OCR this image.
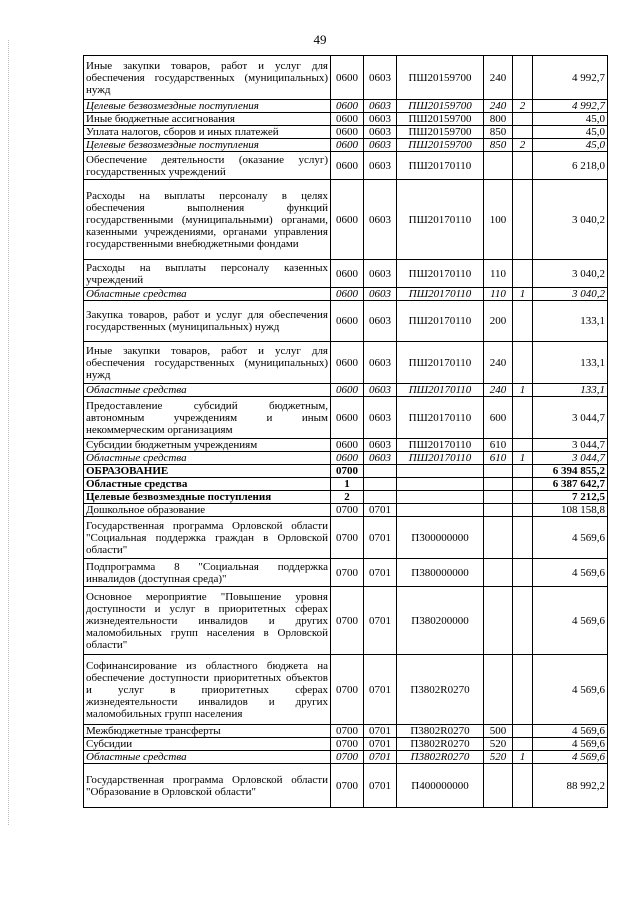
49
Иные закупки товаров, работ и услуг для обеспечения государственных (муниципальных) нужд	0600	0603	ПШ20159700	240		4 992,7
Целевые безвозмездные поступления	0600	0603	ПШ20159700	240	2	4 992,7
Иные бюджетные ассигнования	0600	0603	ПШ20159700	800		45,0
Уплата налогов, сборов и иных платежей	0600	0603	ПШ20159700	850		45,0
Целевые безвозмездные поступления	0600	0603	ПШ20159700	850	2	45,0
Обеспечение деятельности (оказание услуг) государственных учреждений	0600	0603	ПШ20170110			6 218,0
Расходы на выплаты персоналу в целях обеспечения выполнения функций государственными (муниципальными) органами, казенными учреждениями, органами управления государственными внебюджетными фондами	0600	0603	ПШ20170110	100		3 040,2
Расходы на выплаты персоналу казенных учреждений	0600	0603	ПШ20170110	110		3 040,2
Областные средства	0600	0603	ПШ20170110	110	1	3 040,2
Закупка товаров, работ и услуг для обеспечения государственных (муниципальных) нужд	0600	0603	ПШ20170110	200		133,1
Иные закупки товаров, работ и услуг для обеспечения государственных (муниципальных) нужд	0600	0603	ПШ20170110	240		133,1
Областные средства	0600	0603	ПШ20170110	240	1	133,1
Предоставление субсидий бюджетным, автономным учреждениям и иным некоммерческим организациям	0600	0603	ПШ20170110	600		3 044,7
Субсидии бюджетным учреждениям	0600	0603	ПШ20170110	610		3 044,7
Областные средства	0600	0603	ПШ20170110	610	1	3 044,7
ОБРАЗОВАНИЕ	0700					6 394 855,2
Областные средства	1					6 387 642,7
Целевые безвозмездные поступления	2					7 212,5
Дошкольное образование	0700	0701				108 158,8
Государственная программа Орловской области "Социальная поддержка граждан в Орловской области"	0700	0701	П300000000			4 569,6
Подпрограмма 8 "Социальная поддержка инвалидов (доступная среда)"	0700	0701	П380000000			4 569,6
Основное мероприятие "Повышение уровня доступности и услуг в приоритетных сферах жизнедеятельности инвалидов и других маломобильных групп населения в Орловской области"	0700	0701	П380200000			4 569,6
Софинансирование из областного бюджета на обеспечение доступности приоритетных объектов и услуг в приоритетных сферах жизнедеятельности инвалидов и других маломобильных групп населения	0700	0701	П3802R0270			4 569,6
Межбюджетные трансферты	0700	0701	П3802R0270	500		4 569,6
Субсидии	0700	0701	П3802R0270	520		4 569,6
Областные средства	0700	0701	П3802R0270	520	1	4 569,6
Государственная программа Орловской области "Образование в Орловской области"	0700	0701	П400000000			88 992,2
